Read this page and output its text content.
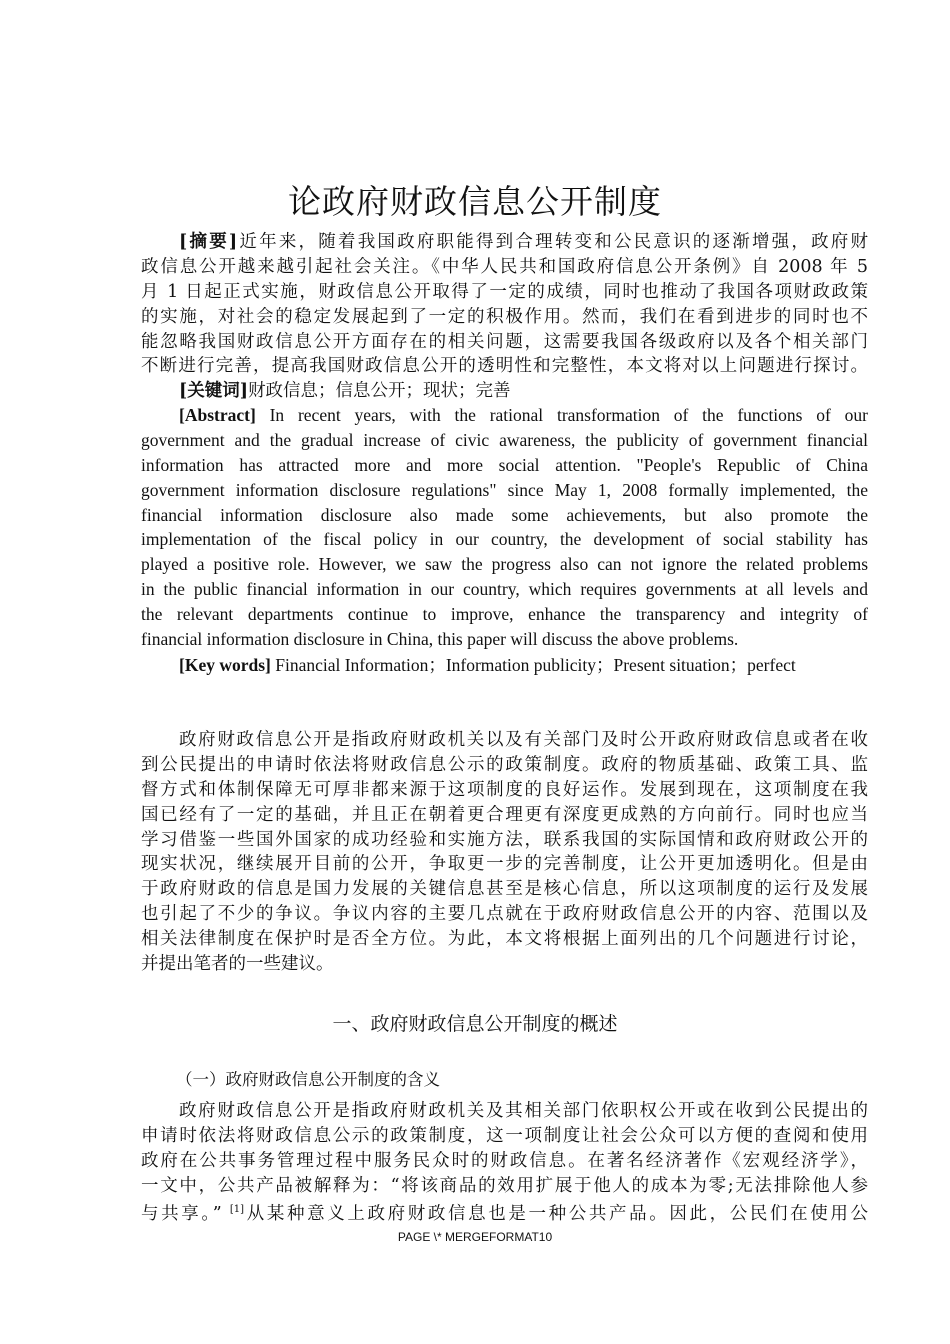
论政府财政信息公开制度
[摘要]近年来，随着我国政府职能得到合理转变和公民意识的逐渐增强，政府财
政信息公开越来越引起社会关注。《中华人民共和国政府信息公开条例》自 2008 年 5
月 1 日起正式实施，财政信息公开取得了一定的成绩，同时也推动了我国各项财政政策
的实施，对社会的稳定发展起到了一定的积极作用。然而，我们在看到进步的同时也不
能忽略我国财政信息公开方面存在的相关问题，这需要我国各级政府以及各个相关部门
不断进行完善，提高我国财政信息公开的透明性和完整性，本文将对以上问题进行探讨。
[关键词]财政信息；信息公开；现状；完善
[Abstract] In recent years, with the rational transformation of the functions of our
government and the gradual increase of civic awareness, the publicity of government financial
information has attracted more and more social attention. "People's Republic of China
government information disclosure regulations" since May 1, 2008 formally implemented, the
financial information disclosure also made some achievements, but also promote the
implementation of the fiscal policy in our country, the development of social stability has
played a positive role. However, we saw the progress also can not ignore the related problems
in the public financial information in our country, which requires governments at all levels and
the relevant departments continue to improve, enhance the transparency and integrity of
financial information disclosure in China, this paper will discuss the above problems.
[Key words] Financial Information；Information publicity；Present situation；perfect
政府财政信息公开是指政府财政机关以及有关部门及时公开政府财政信息或者在收
到公民提出的申请时依法将财政信息公示的政策制度。政府的物质基础、政策工具、监
督方式和体制保障无可厚非都来源于这项制度的良好运作。发展到现在，这项制度在我
国已经有了一定的基础，并且正在朝着更合理更有深度更成熟的方向前行。同时也应当
学习借鉴一些国外国家的成功经验和实施方法，联系我国的实际国情和政府财政公开的
现实状况，继续展开目前的公开，争取更一步的完善制度，让公开更加透明化。但是由
于政府财政的信息是国力发展的关键信息甚至是核心信息，所以这项制度的运行及发展
也引起了不少的争议。争议内容的主要几点就在于政府财政信息公开的内容、范围以及
相关法律制度在保护时是否全方位。为此，本文将根据上面列出的几个问题进行讨论，
并提出笔者的一些建议。
一、政府财政信息公开制度的概述
（一）政府财政信息公开制度的含义
政府财政信息公开是指政府财政机关及其相关部门依职权公开或在收到公民提出的
申请时依法将财政信息公示的政策制度，这一项制度让社会公众可以方便的查阅和使用
政府在公共事务管理过程中服务民众时的财政信息。在著名经济著作《宏观经济学》，
一文中，公共产品被解释为：“将该商品的效用扩展于他人的成本为零;无法排除他人参
与共享。” [1]从某种意义上政府财政信息也是一种公共产品。因此，公民们在使用公
PAGE \* MERGEFORMAT10
